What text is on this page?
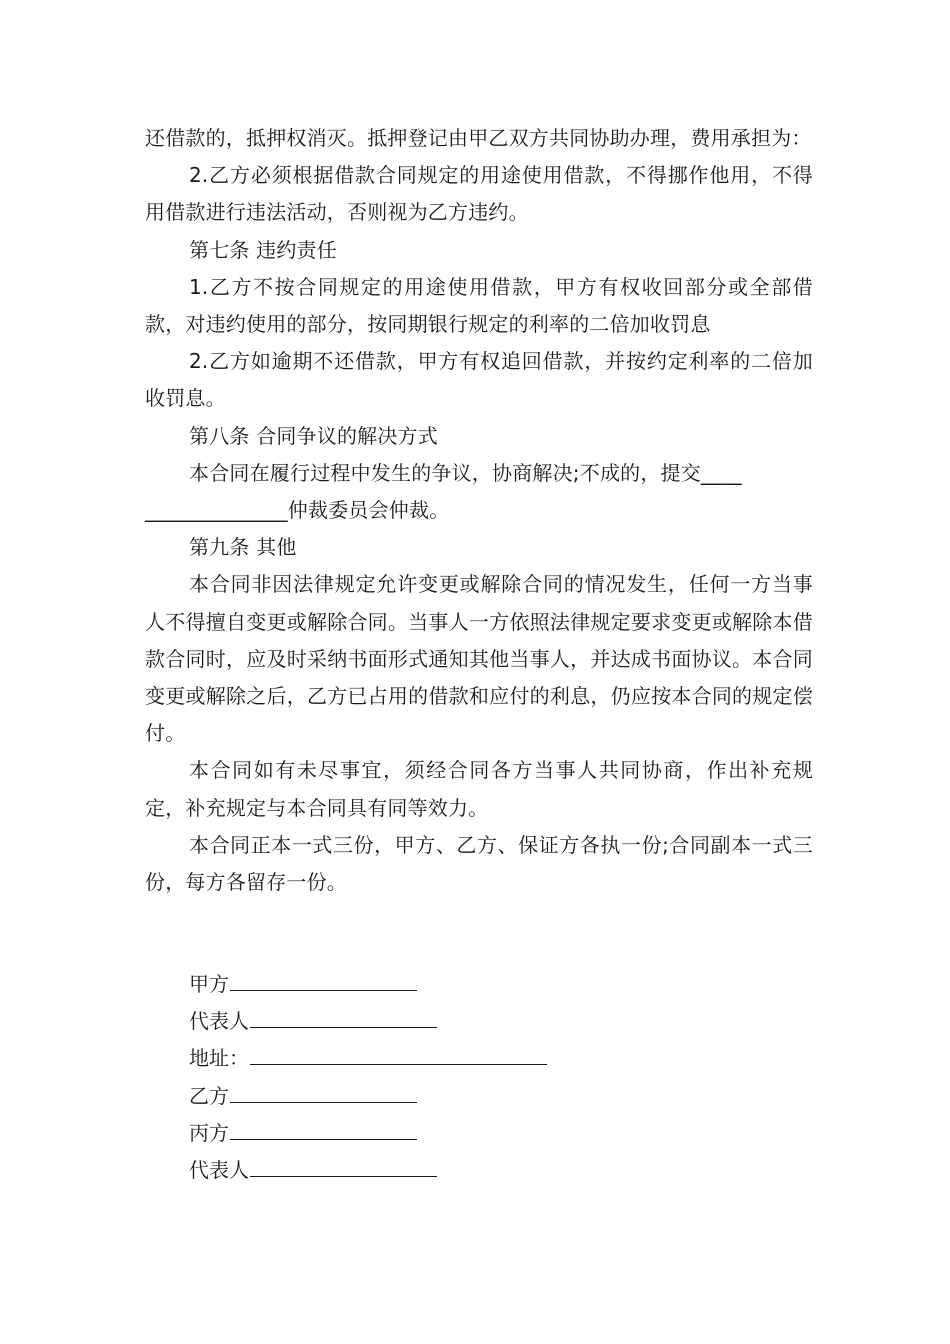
还借款的，抵押权消灭。抵押登记由甲乙双方共同协助办理，费用承担为：

2.乙方必须根据借款合同规定的用途使用借款，不得挪作他用，不得用借款进行违法活动，否则视为乙方违约。

第七条 违约责任

1.乙方不按合同规定的用途使用借款，甲方有权收回部分或全部借款，对违约使用的部分，按同期银行规定的利率的二倍加收罚息

2.乙方如逾期不还借款，甲方有权追回借款，并按约定利率的二倍加收罚息。

第八条 合同争议的解决方式

本合同在履行过程中发生的争议，协商解决;不成的，提交____

______________仲裁委员会仲裁。

第九条 其他

本合同非因法律规定允许变更或解除合同的情况发生，任何一方当事人不得擅自变更或解除合同。当事人一方依照法律规定要求变更或解除本借款合同时，应及时采纳书面形式通知其他当事人，并达成书面协议。本合同变更或解除之后，乙方已占用的借款和应付的利息，仍应按本合同的规定偿付。

本合同如有未尽事宜，须经合同各方当事人共同协商，作出补充规定，补充规定与本合同具有同等效力。

本合同正本一式三份，甲方、乙方、保证方各执一份;合同副本一式三份，每方各留存一份。

甲方
代表人
地址：
乙方
丙方
代表人
